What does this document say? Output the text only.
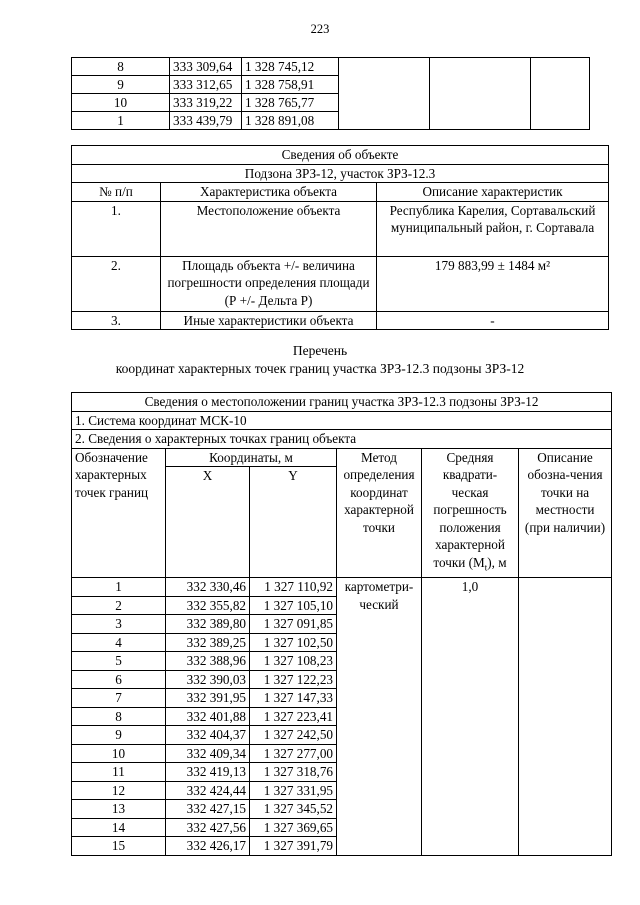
223
8	333 309,64	1 328 745,12			
9	333 312,65	1 328 758,91			
10	333 319,22	1 328 765,77			
1	333 439,79	1 328 891,08			
Сведения об объекте		
Подзона ЗРЗ-12, участок ЗРЗ-12.3		
№ п/п	Характеристика объекта	Описание характеристик
1.	Местоположение объекта	Республика Карелия, Сортавальский муниципальный район, г. Сортавала
2.	Площадь объекта +/- величина погрешности определения площади (Р +/- Дельта Р)	179 883,99 ± 1484 м²
3.	Иные характеристики объекта	-
Перечень
координат характерных точек границ участка ЗРЗ-12.3 подзоны ЗРЗ-12
Сведения о местоположении границ участка ЗРЗ-12.3 подзоны ЗРЗ-12					
1. Система координат МСК-10					
2. Сведения о характерных точках границ объекта					
Обозначение характерных точек границ	Координаты, м		Метод определения координат характерной точки	Средняя квадрати-ческая погрешность положения характерной точки $(M_t)$, м	Описание обозна-чения точки на местности (при наличии)
	X	Y			
1	332 330,46	1 327 110,92	картометри-ческий	1,0	
2	332 355,82	1 327 105,10			
3	332 389,80	1 327 091,85			
4	332 389,25	1 327 102,50			
5	332 388,96	1 327 108,23			
6	332 390,03	1 327 122,23			
7	332 391,95	1 327 147,33			
8	332 401,88	1 327 223,41			
9	332 404,37	1 327 242,50			
10	332 409,34	1 327 277,00			
11	332 419,13	1 327 318,76			
12	332 424,44	1 327 331,95			
13	332 427,15	1 327 345,52			
14	332 427,56	1 327 369,65			
15	332 426,17	1 327 391,79			
